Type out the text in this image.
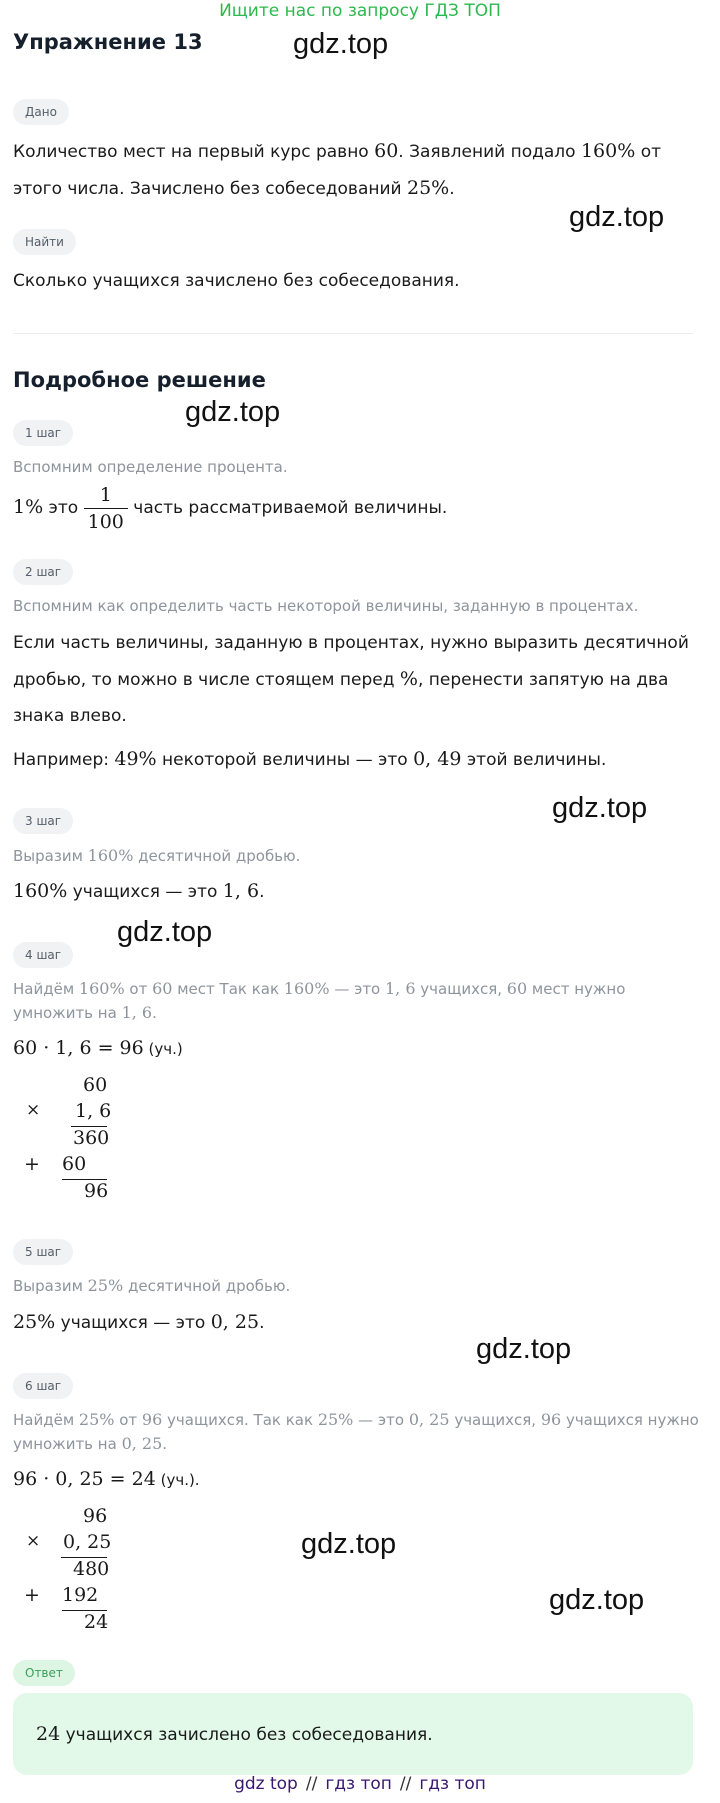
Ищите нас по запросу ГДЗ ТОП
Упражнение 13
Дано
Количество мест на первый курс равно 60. Заявлений подало 160% от этого числа. Зачислено без собеседований 25%.
Найти
Сколько учащихся зачислено без собеседования.
Подробное решение
1 шаг
Вспомним определение процента.
1% это $\frac{1}{100}$ часть рассматриваемой величины.
2 шаг
Вспомним как определить часть некоторой величины, заданную в процентах.
Если часть величины, заданную в процентах, нужно выразить десятичной дробью, то можно в числе стоящем перед %, перенести запятую на два знака влево.
Например: 49% некоторой величины — это 0, 49 этой величины.
3 шаг
Выразим 160% десятичной дробью.
160% учащихся — это 1, 6.
4 шаг
Найдём 160% от 60 мест Так как 160% — это 1, 6 учащихся, 60 мест нужно умножить на 1, 6.
60 · 1, 6 = 96 (уч.)
60
× 1, 6
360
+ 60
96
5 шаг
Выразим 25% десятичной дробью.
25% учащихся — это 0, 25.
6 шаг
Найдём 25% от 96 учащихся. Так как 25% — это 0, 25 учащихся, 96 учащихся нужно умножить на 0, 25.
96 · 0, 25 = 24 (уч.).
96
× 0, 25
480
+ 192
24
Ответ
24 учащихся зачислено без собеседования.
gdz.top
gdz.top
gdz.top
gdz.top
gdz.top
gdz.top
gdz.top
gdz.top
gdz top // гдз топ // гдз топ
